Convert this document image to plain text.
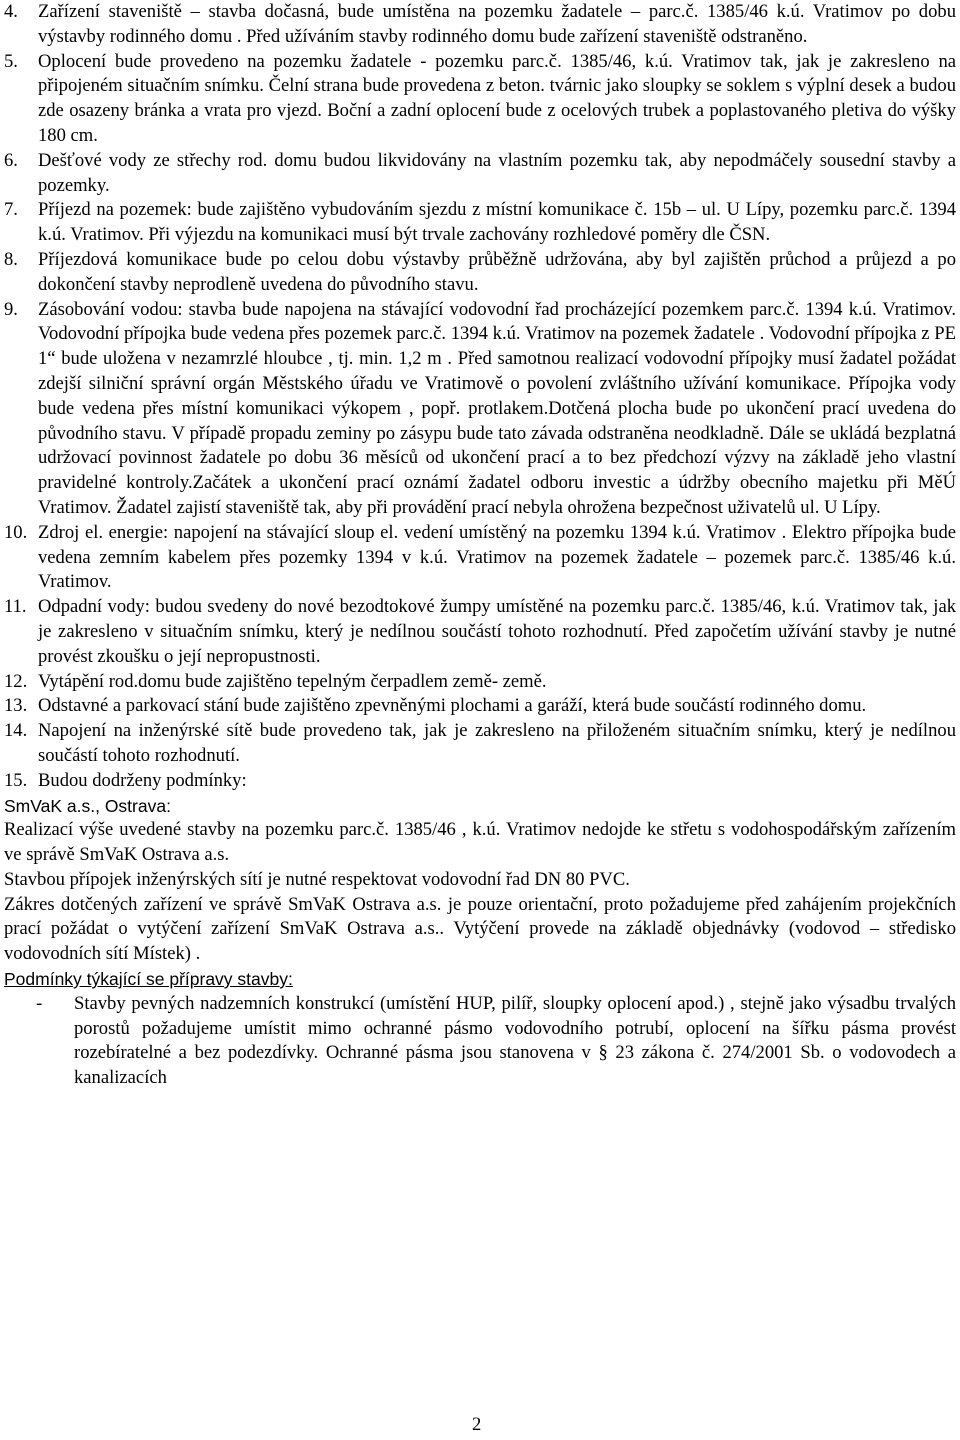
4. Zařízení staveniště – stavba dočasná, bude umístěna na pozemku žadatele – parc.č. 1385/46 k.ú. Vratimov po dobu výstavby rodinného domu . Před užíváním stavby rodinného domu bude zařízení staveniště odstraněno.
5. Oplocení bude provedeno na pozemku žadatele - pozemku parc.č. 1385/46, k.ú. Vratimov tak, jak je zakresleno na připojeném situačním snímku. Čelní strana bude provedena z beton. tvárnic jako sloupky se soklem s výplní desek a budou zde osazeny bránka a vrata pro vjezd. Boční a zadní oplocení bude z ocelových trubek a poplastovaného pletiva do výšky 180 cm.
6. Dešťové vody ze střechy rod. domu budou likvidovány na vlastním pozemku tak, aby nepodmáčely sousední stavby a pozemky.
7. Příjezd na pozemek: bude zajištěno vybudováním sjezdu z místní komunikace č. 15b – ul. U Lípy, pozemku parc.č. 1394 k.ú. Vratimov. Při výjezdu na komunikaci musí být trvale zachovány rozhledové poměry dle ČSN.
8. Příjezdová komunikace bude po celou dobu výstavby průběžně udržována, aby byl zajištěn průchod a průjezd a po dokončení stavby neprodleně uvedena do původního stavu.
9. Zásobování vodou: stavba bude napojena na stávající vodovodní řad procházející pozemkem parc.č. 1394 k.ú. Vratimov. Vodovodní přípojka bude vedena přes pozemek parc.č. 1394 k.ú. Vratimov na pozemek žadatele . Vodovodní přípojka z PE 1“ bude uložena v nezamrzlé hloubce , tj. min. 1,2 m . Před samotnou realizací vodovodní přípojky musí žadatel požádat zdejší silniční správní orgán Městského úřadu ve Vratimově o povolení zvláštního užívání komunikace. Přípojka vody bude vedena přes místní komunikaci výkopem , popř. protlakem.Dotčená plocha bude po ukončení prací uvedena do původního stavu. V případě propadu zeminy po zásypu bude tato závada odstraněna neodkladně. Dále se ukládá bezplatná udržovací povinnost žadatele po dobu 36 měsíců od ukončení prací a to bez předchozí výzvy na základě jeho vlastní pravidelné kontroly.Začátek a ukončení prací oznámí žadatel odboru investic a údržby obecního majetku při MěÚ Vratimov. Žadatel zajistí staveniště tak, aby při provádění prací nebyla ohrožena bezpečnost uživatelů ul. U Lípy.
10. Zdroj el. energie: napojení na stávající sloup el. vedení umístěný na pozemku 1394 k.ú. Vratimov . Elektro přípojka bude vedena zemním kabelem přes pozemky 1394 v k.ú. Vratimov na pozemek žadatele – pozemek parc.č. 1385/46 k.ú. Vratimov.
11. Odpadní vody: budou svedeny do nové bezodtokové žumpy umístěné na pozemku parc.č. 1385/46, k.ú. Vratimov tak, jak je zakresleno v situačním snímku, který je nedílnou součástí tohoto rozhodnutí. Před započetím užívání stavby je nutné provést zkoušku o její nepropustnosti.
12. Vytápění rod.domu bude zajištěno tepelným čerpadlem země- země.
13. Odstavné a parkovací stání bude zajištěno zpevněnými plochami a garáží, která bude součástí rodinného domu.
14. Napojení na inženýrské sítě bude provedeno tak, jak je zakresleno na přiloženém situačním snímku, který je nedílnou součástí tohoto rozhodnutí.
15. Budou dodrženy podmínky:
SmVaK a.s., Ostrava:
Realizací výše uvedené stavby na pozemku parc.č. 1385/46 , k.ú. Vratimov nedojde ke střetu s vodohospodářským zařízením ve správě SmVaK Ostrava a.s.
Stavbou přípojek inženýrských sítí je nutné respektovat vodovodní řad DN 80 PVC.
Zákres dotčených zařízení ve správě SmVaK Ostrava a.s. je pouze orientační, proto požadujeme před zahájením projekčních prací požádat o vytýčení zařízení SmVaK Ostrava a.s.. Vytýčení provede na základě objednávky (vodovod – středisko vodovodních sítí Místek) .
Podmínky týkající se přípravy stavby:
- Stavby pevných nadzemních konstrukcí (umístění HUP, pilíř, sloupky oplocení apod.) , stejně jako výsadbu trvalých porostů požadujeme umístit mimo ochranné pásmo vodovodního potrubí, oplocení na šířku pásma provést rozebíratelné a bez podezdívky. Ochranné pásma jsou stanovena v § 23 zákona č. 274/2001 Sb. o vodovodech a kanalizacích
2
